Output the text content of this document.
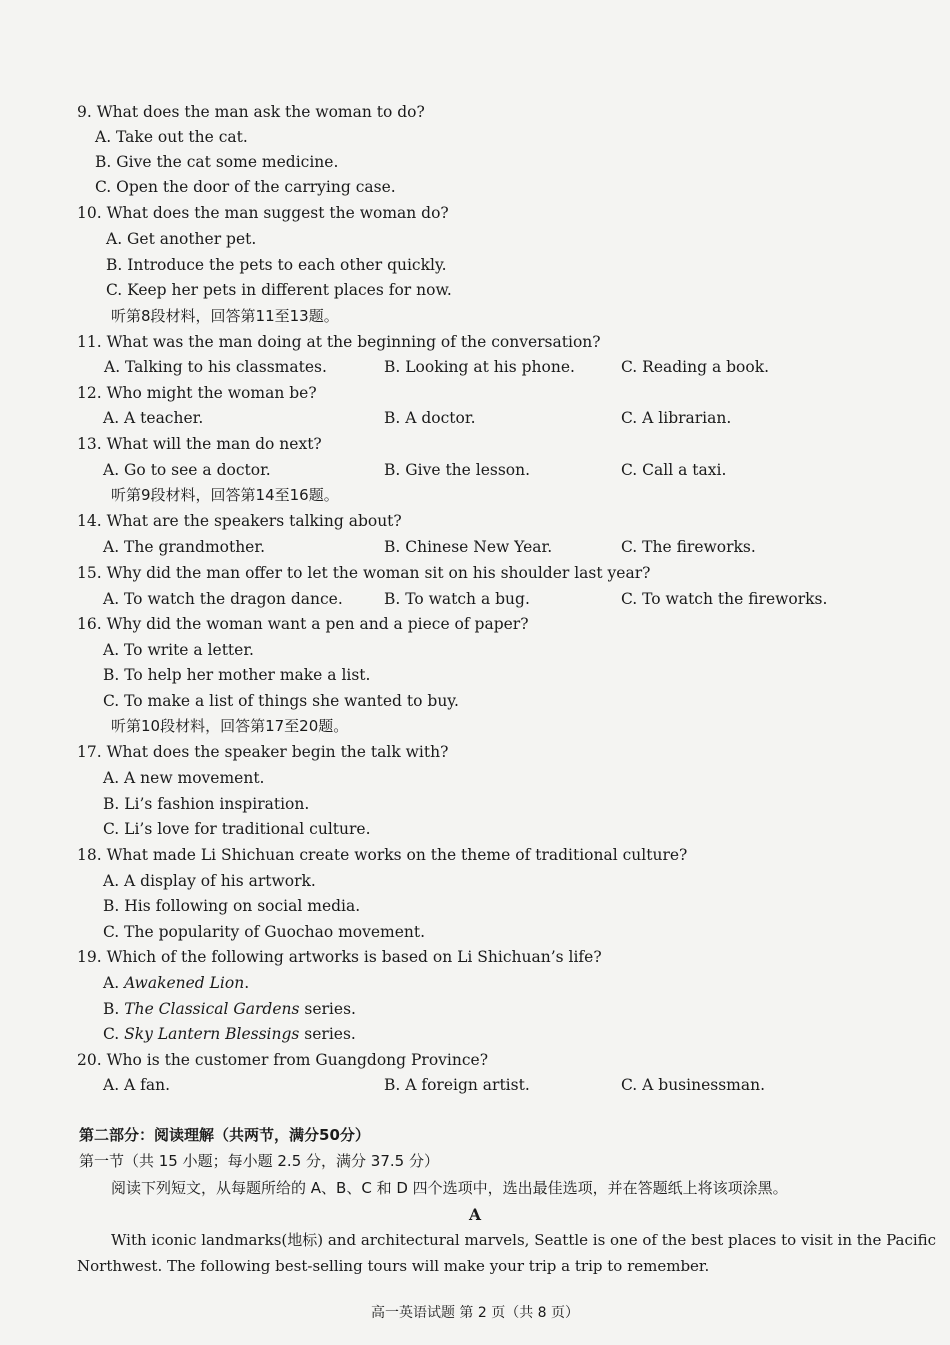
9. What does the man ask the woman to do?
A. Take out the cat.
B. Give the cat some medicine.
C. Open the door of the carrying case.
10. What does the man suggest the woman do?
A. Get another pet.
B. Introduce the pets to each other quickly.
C. Keep her pets in different places for now.
听第8段材料，回答第11至13题。
11. What was the man doing at the beginning of the conversation?
A. Talking to his classmates.	B. Looking at his phone.	C. Reading a book.
12. Who might the woman be?
A. A teacher.	B. A doctor.	C. A librarian.
13. What will the man do next?
A. Go to see a doctor.	B. Give the lesson.	C. Call a taxi.
听第9段材料，回答第14至16题。
14. What are the speakers talking about?
A. The grandmother.	B. Chinese New Year.	C. The fireworks.
15. Why did the man offer to let the woman sit on his shoulder last year?
A. To watch the dragon dance.	B. To watch a bug.	C. To watch the fireworks.
16. Why did the woman want a pen and a piece of paper?
A. To write a letter.
B. To help her mother make a list.
C. To make a list of things she wanted to buy.
听第10段材料，回答第17至20题。
17. What does the speaker begin the talk with?
A. A new movement.
B. Li’s fashion inspiration.
C. Li’s love for traditional culture.
18. What made Li Shichuan create works on the theme of traditional culture?
A. A display of his artwork.
B. His following on social media.
C. The popularity of Guochao movement.
19. Which of the following artworks is based on Li Shichuan’s life?
A. Awakened Lion.
B. The Classical Gardens series.
C. Sky Lantern Blessings series.
20. Who is the customer from Guangdong Province?
A. A fan.	B. A foreign artist.	C. A businessman.
第二部分：阅读理解（共两节，满分50分）
第一节（共 15 小题；每小题 2.5 分，满分 37.5 分）
阅读下列短文，从每题所给的 A、B、C 和 D 四个选项中，选出最佳选项，并在答题纸上将该项涂黑。
A
With iconic landmarks(地标) and architectural marvels, Seattle is one of the best places to visit in the Pacific
Northwest. The following best-selling tours will make your trip a trip to remember.
高一英语试题 第 2 页（共 8 页）
